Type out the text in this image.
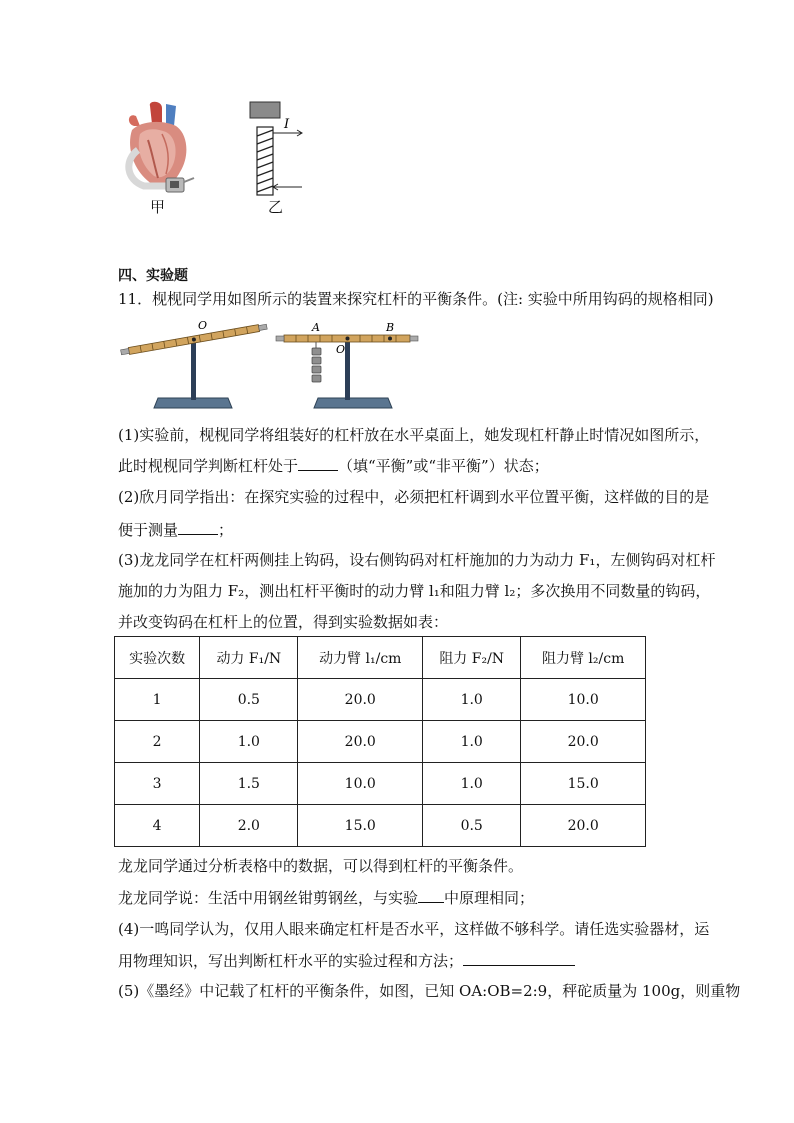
甲
I
乙
四、实验题
11．枧枧同学用如图所示的装置来探究杠杆的平衡条件。(注: 实验中所用钩码的规格相同)
O	A	B
O
(1)实验前，枧枧同学将组装好的杠杆放在水平桌面上，她发现杠杆静止时情况如图所示，
此时枧枧同学判断杠杆处于	（填“平衡”或“非平衡”）状态；
(2)欣月同学指出：在探究实验的过程中，必须把杠杆调到水平位置平衡，这样做的目的是
便于测量	；
(3)龙龙同学在杠杆两侧挂上钩码，设右侧钩码对杠杆施加的力为动力 F₁，左侧钩码对杠杆
施加的力为阻力 F₂，测出杠杆平衡时的动力臂 l₁和阻力臂 l₂；多次换用不同数量的钩码，
并改变钩码在杠杆上的位置，得到实验数据如表：
实验次数	动力 F₁/N	动力臂 l₁/cm	阻力 F₂/N	阻力臂 l₂/cm
1	0.5	20.0	1.0	10.0
2	1.0	20.0	1.0	20.0
3	1.5	10.0	1.0	15.0
4	2.0	15.0	0.5	20.0
龙龙同学通过分析表格中的数据，可以得到杠杆的平衡条件。
龙龙同学说：生活中用钢丝钳剪钢丝，与实验 中原理相同；
(4)一鸣同学认为，仅用人眼来确定杠杆是否水平，这样做不够科学。请任选实验器材，运
用物理知识，写出判断杠杆水平的实验过程和方法；
(5)《墨经》中记载了杠杆的平衡条件，如图，已知 OA:OB=2:9，秤砣质量为 100g，则重物
